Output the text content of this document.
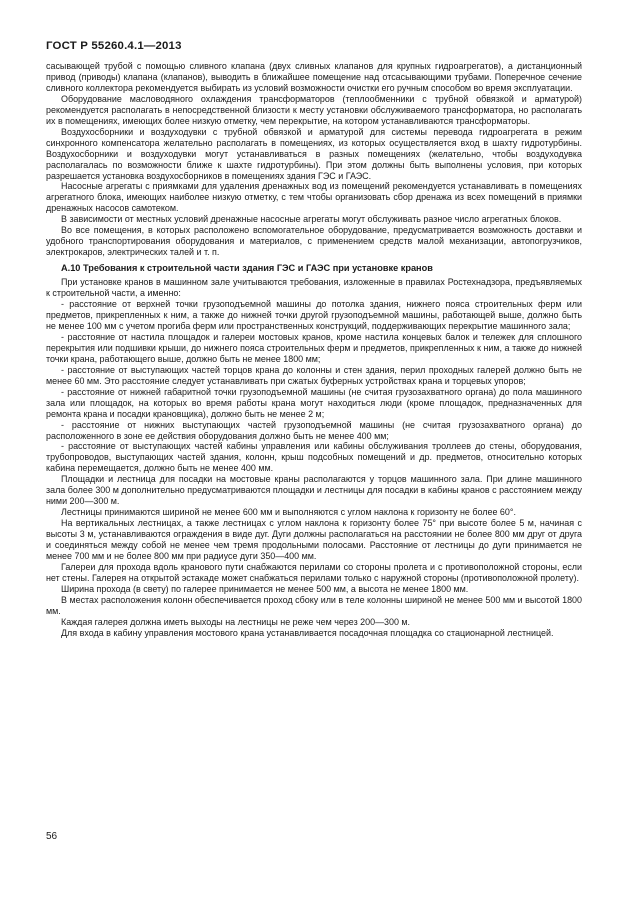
ГОСТ Р 55260.4.1—2013

сасывающей трубой с помощью сливного клапана (двух сливных клапанов для крупных гидроагрегатов), а дистанционный привод (приводы) клапана (клапанов), выводить в ближайшее помещение над отсасывающими трубами. Поперечное сечение сливного коллектора рекомендуется выбирать из условий возможности очистки его ручным способом во время эксплуатации.

Оборудование масловодяного охлаждения трансформаторов (теплообменники с трубной обвязкой и арматурой) рекомендуется располагать в непосредственной близости к месту установки обслуживаемого трансформатора, но располагать их в помещениях, имеющих более низкую отметку, чем перекрытие, на котором устанавливаются трансформаторы.

Воздухосборники и воздуходувки с трубной обвязкой и арматурой для системы перевода гидроагрегата в режим синхронного компенсатора желательно располагать в помещениях, из которых осуществляется вход в шахту гидротурбины. Воздухосборники и воздуходувки могут устанавливаться в разных помещениях (желательно, чтобы воздуходувка располагалась по возможности ближе к шахте гидротурбины). При этом должны быть выполнены условия, при которых разрешается установка воздухосборников в помещениях здания ГЭС и ГАЭС.

Насосные агрегаты с приямками для удаления дренажных вод из помещений рекомендуется устанавливать в помещениях агрегатного блока, имеющих наиболее низкую отметку, с тем чтобы организовать сбор дренажа из всех помещений в приямки дренажных насосов самотеком.

В зависимости от местных условий дренажные насосные агрегаты могут обслуживать разное число агрегатных блоков.

Во все помещения, в которых расположено вспомогательное оборудование, предусматривается возможность доставки и удобного транспортирования оборудования и материалов, с применением средств малой механизации, автопогрузчиков, электрокаров, электрических талей и т. п.

А.10 Требования к строительной части здания ГЭС и ГАЭС при установке кранов

При установке кранов в машинном зале учитываются требования, изложенные в правилах Ростехнадзора, предъявляемых к строительной части, а именно:

- расстояние от верхней точки грузоподъемной машины до потолка здания, нижнего пояса строительных ферм или предметов, прикрепленных к ним, а также до нижней точки другой грузоподъемной машины, работающей выше, должно быть не менее 100 мм с учетом прогиба ферм или пространственных конструкций, поддерживающих перекрытие машинного зала;

- расстояние от настила площадок и галереи мостовых кранов, кроме настила концевых балок и тележек для сплошного перекрытия или подшивки крыши, до нижнего пояса строительных ферм и предметов, прикрепленных к ним, а также до нижней точки крана, работающего выше, должно быть не менее 1800 мм;

- расстояние от выступающих частей торцов крана до колонны и стен здания, перил проходных галерей должно быть не менее 60 мм. Это расстояние следует устанавливать при сжатых буферных устройствах крана и торцевых упоров;

- расстояние от нижней габаритной точки грузоподъемной машины (не считая грузозахватного органа) до пола машинного зала или площадок, на которых во время работы крана могут находиться люди (кроме площадок, предназначенных для ремонта крана и посадки крановщика), должно быть не менее 2 м;

- расстояние от нижних выступающих частей грузоподъемной машины (не считая грузозахватного органа) до расположенного в зоне ее действия оборудования должно быть не менее 400 мм;

- расстояние от выступающих частей кабины управления или кабины обслуживания троллеев до стены, оборудования, трубопроводов, выступающих частей здания, колонн, крыш подсобных помещений и др. предметов, относительно которых кабина перемещается, должно быть не менее 400 мм.

Площадки и лестница для посадки на мостовые краны располагаются у торцов машинного зала. При длине машинного зала более 300 м дополнительно предусматриваются площадки и лестницы для посадки в кабины кранов с расстоянием между ними 200—300 м.

Лестницы принимаются шириной не менее 600 мм и выполняются с углом наклона к горизонту не более 60°.

На вертикальных лестницах, а также лестницах с углом наклона к горизонту более 75° при высоте более 5 м, начиная с высоты 3 м, устанавливаются ограждения в виде дуг. Дуги должны располагаться на расстоянии не более 800 мм друг от друга и соединяться между собой не менее чем тремя продольными полосами. Расстояние от лестницы до дуги принимается не менее 700 мм и не более 800 мм при радиусе дуги 350—400 мм.

Галереи для прохода вдоль кранового пути снабжаются перилами со стороны пролета и с противоположной стороны, если нет стены. Галерея на открытой эстакаде может снабжаться перилами только с наружной стороны (противоположной пролету).

Ширина прохода (в свету) по галерее принимается не менее 500 мм, а высота не менее 1800 мм.

В местах расположения колонн обеспечивается проход сбоку или в теле колонны шириной не менее 500 мм и высотой 1800 мм.

Каждая галерея должна иметь выходы на лестницы не реже чем через 200—300 м.

Для входа в кабину управления мостового крана устанавливается посадочная площадка со стационарной лестницей.

56
